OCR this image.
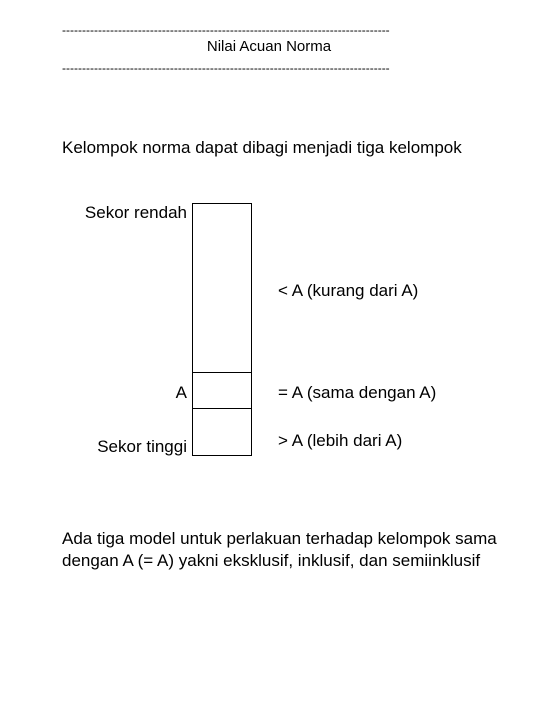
----------------------------------------------------------------------------------
Nilai Acuan Norma
----------------------------------------------------------------------------------
Kelompok norma dapat dibagi menjadi tiga kelompok
Sekor rendah
A
Sekor tinggi
< A (kurang dari A)
= A (sama dengan A)
> A (lebih dari A)
Ada tiga model untuk perlakuan terhadap kelompok sama dengan A (= A) yakni eksklusif, inklusif, dan semiinklusif
